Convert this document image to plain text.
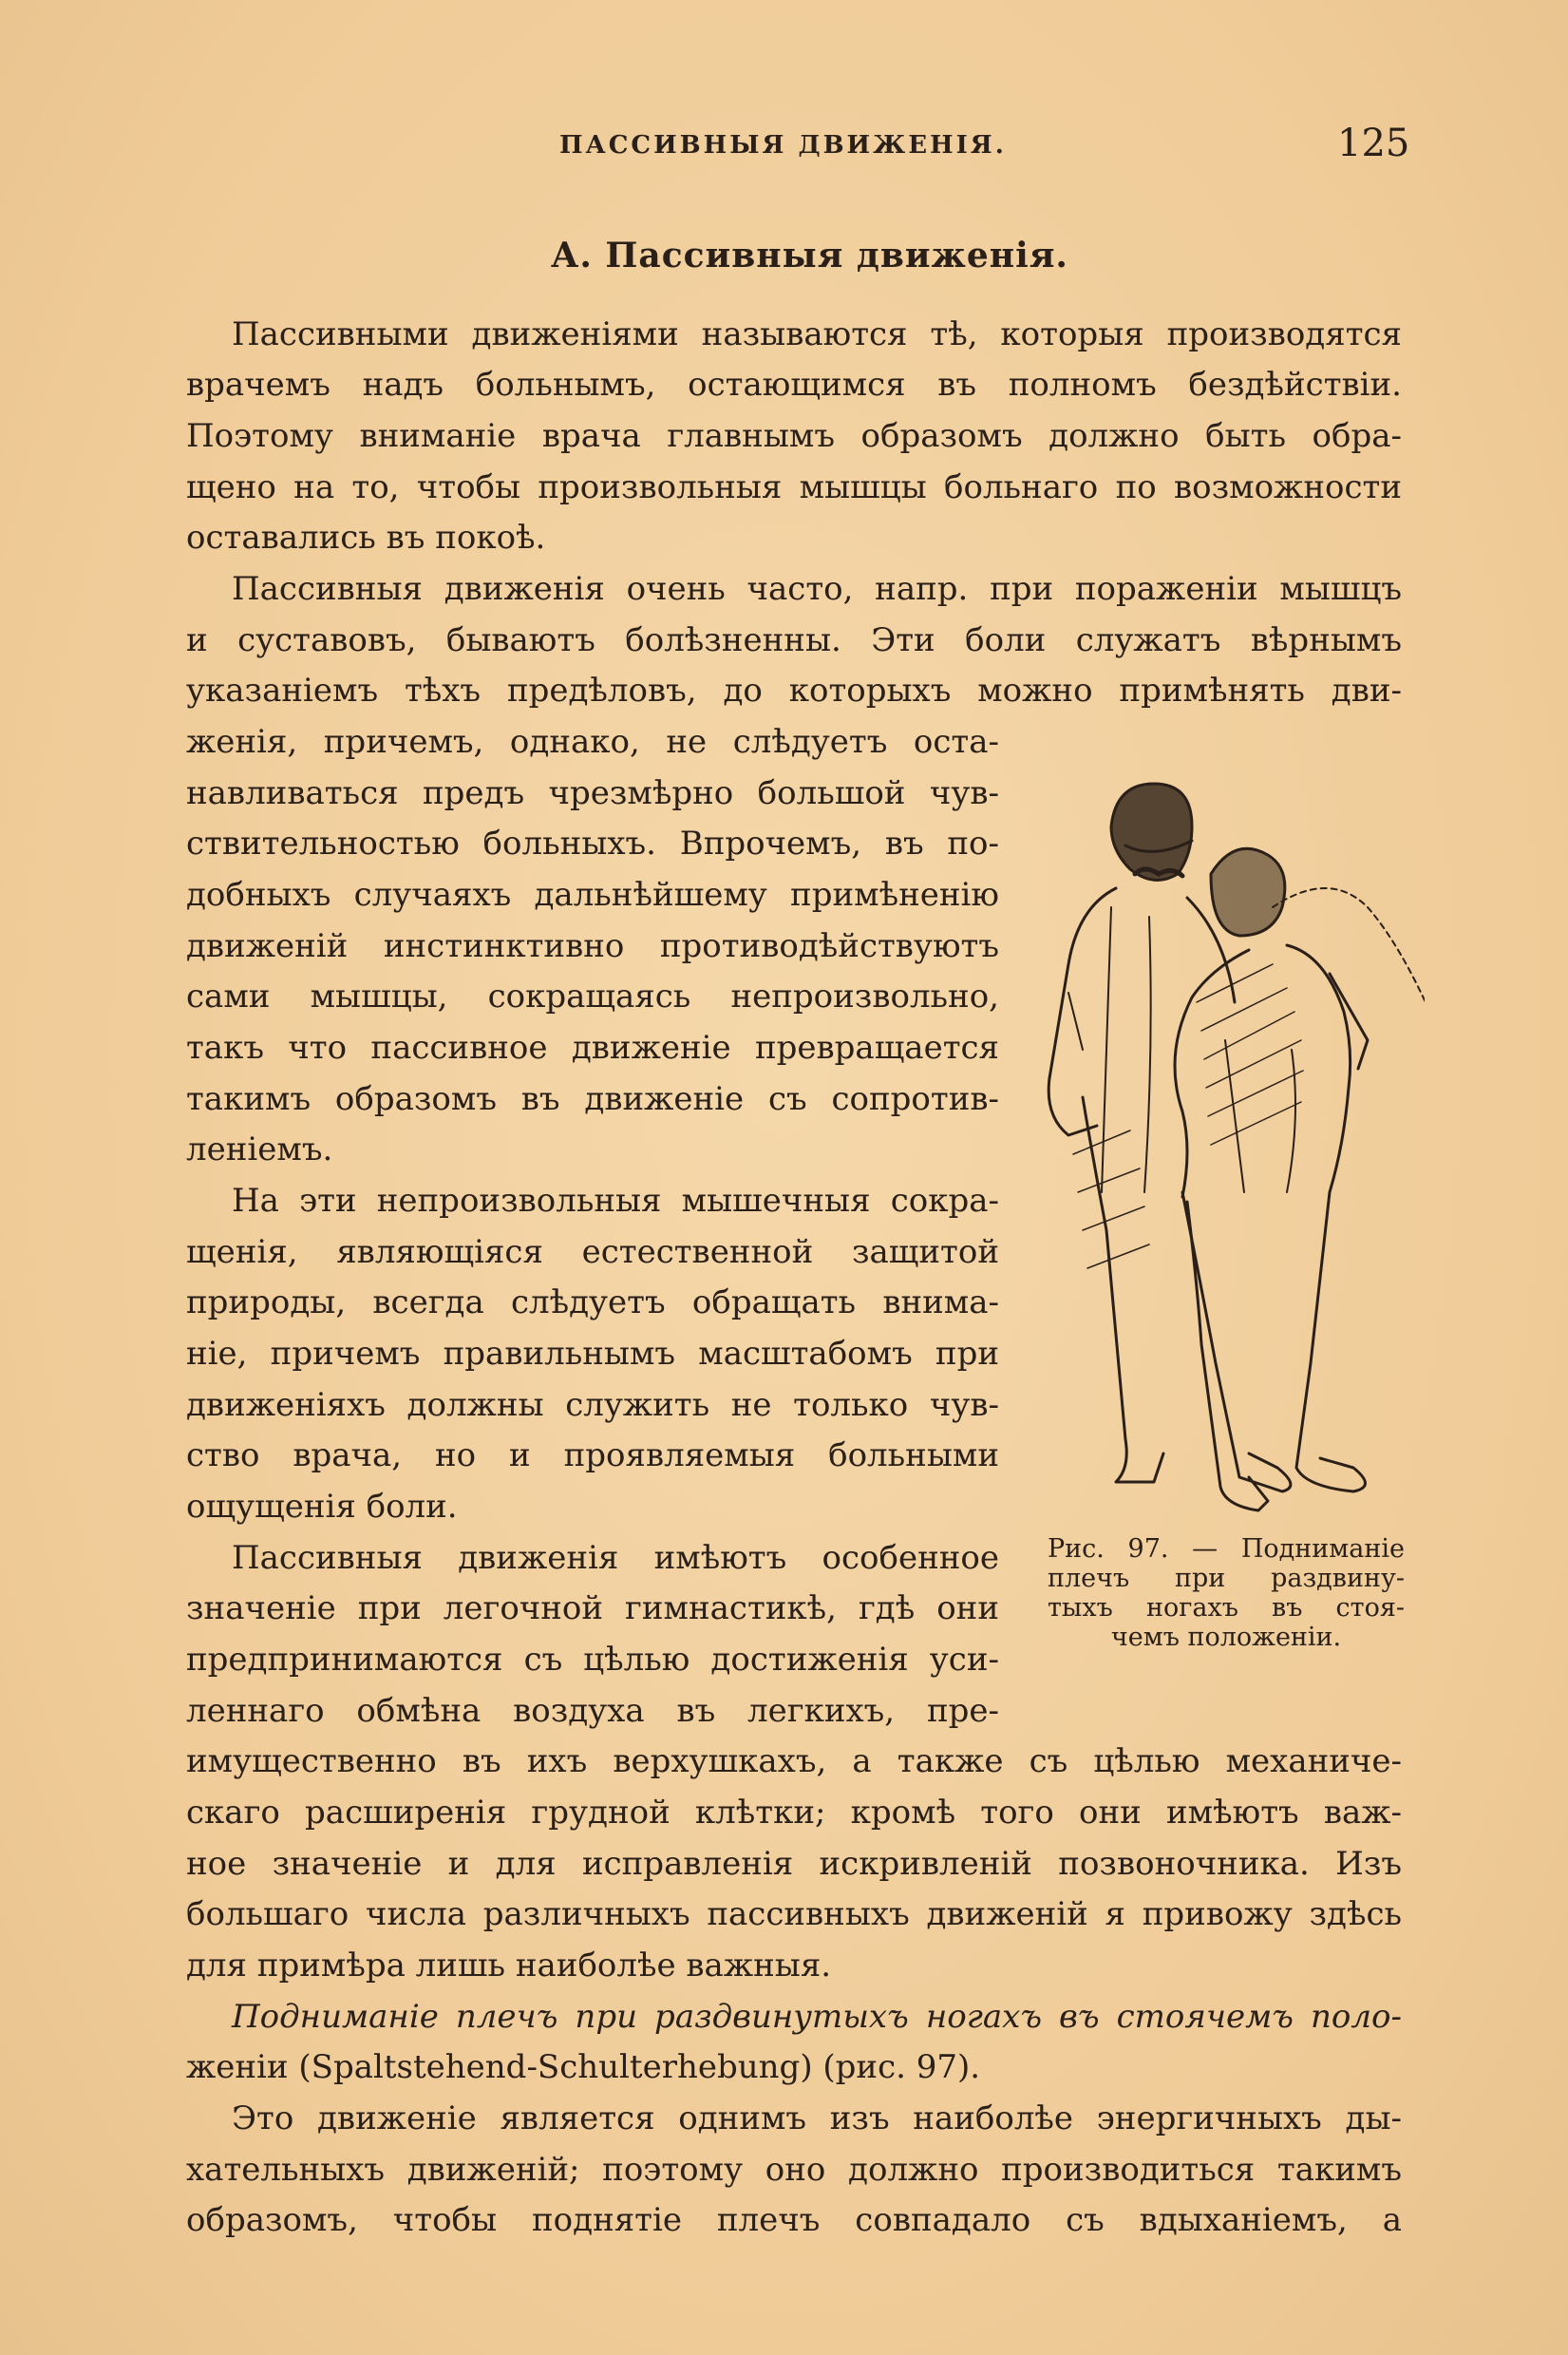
ПАССИВНЫЯ ДВИЖЕНІЯ.	125
А. Пассивныя движенія.
Пассивными движеніями называются тѣ, которыя производятся
врачемъ надъ больнымъ, остающимся въ полномъ бездѣйствіи.
Поэтому вниманіе врача главнымъ образомъ должно быть обра-
щено на то, чтобы произвольныя мышцы больнаго по возможности
оставались въ покоѣ.
Пассивныя движенія очень часто, напр. при пораженіи мышцъ
и суставовъ, бываютъ болѣзненны. Эти боли служатъ вѣрнымъ
указаніемъ тѣхъ предѣловъ, до которыхъ можно примѣнять дви-
женія, причемъ, однако, не слѣдуетъ оста-
навливаться предъ чрезмѣрно большой чув-
ствительностью больныхъ. Впрочемъ, въ по-
добныхъ случаяхъ дальнѣйшему примѣненію
движеній инстинктивно противодѣйствуютъ
сами мышцы, сокращаясь непроизвольно,
такъ что пассивное движеніе превращается
такимъ образомъ въ движеніе съ сопротив-
леніемъ.
На эти непроизвольныя мышечныя сокра-
щенія, являющіяся естественной защитой
природы, всегда слѣдуетъ обращать внима-
ніе, причемъ правильнымъ масштабомъ при
движеніяхъ должны служить не только чув-
ство врача, но и проявляемыя больными
ощущенія боли.
Пассивныя движенія имѣютъ особенное
значеніе при легочной гимнастикѣ, гдѣ они
предпринимаются съ цѣлью достиженія уси-
леннаго обмѣна воздуха въ легкихъ, пре-
имущественно въ ихъ верхушкахъ, а также съ цѣлью механиче-
скаго расширенія грудной клѣтки; кромѣ того они имѣютъ важ-
ное значеніе и для исправленія искривленій позвоночника. Изъ
большаго числа различныхъ пассивныхъ движеній я привожу здѣсь
для примѣра лишь наиболѣе важныя.
Подниманіе плечъ при раздвинутыхъ ногахъ въ стоячемъ поло-
женіи (Spaltstehend-Schulterhebung) (рис. 97).
Это движеніе является однимъ изъ наиболѣе энергичныхъ ды-
хательныхъ движеній; поэтому оно должно производиться такимъ
образомъ, чтобы поднятіе плечъ совпадало съ вдыханіемъ, а
Рис. 97. — Подниманіе
плечъ при раздвину-
тыхъ ногахъ въ стоя-
чемъ положеніи.
